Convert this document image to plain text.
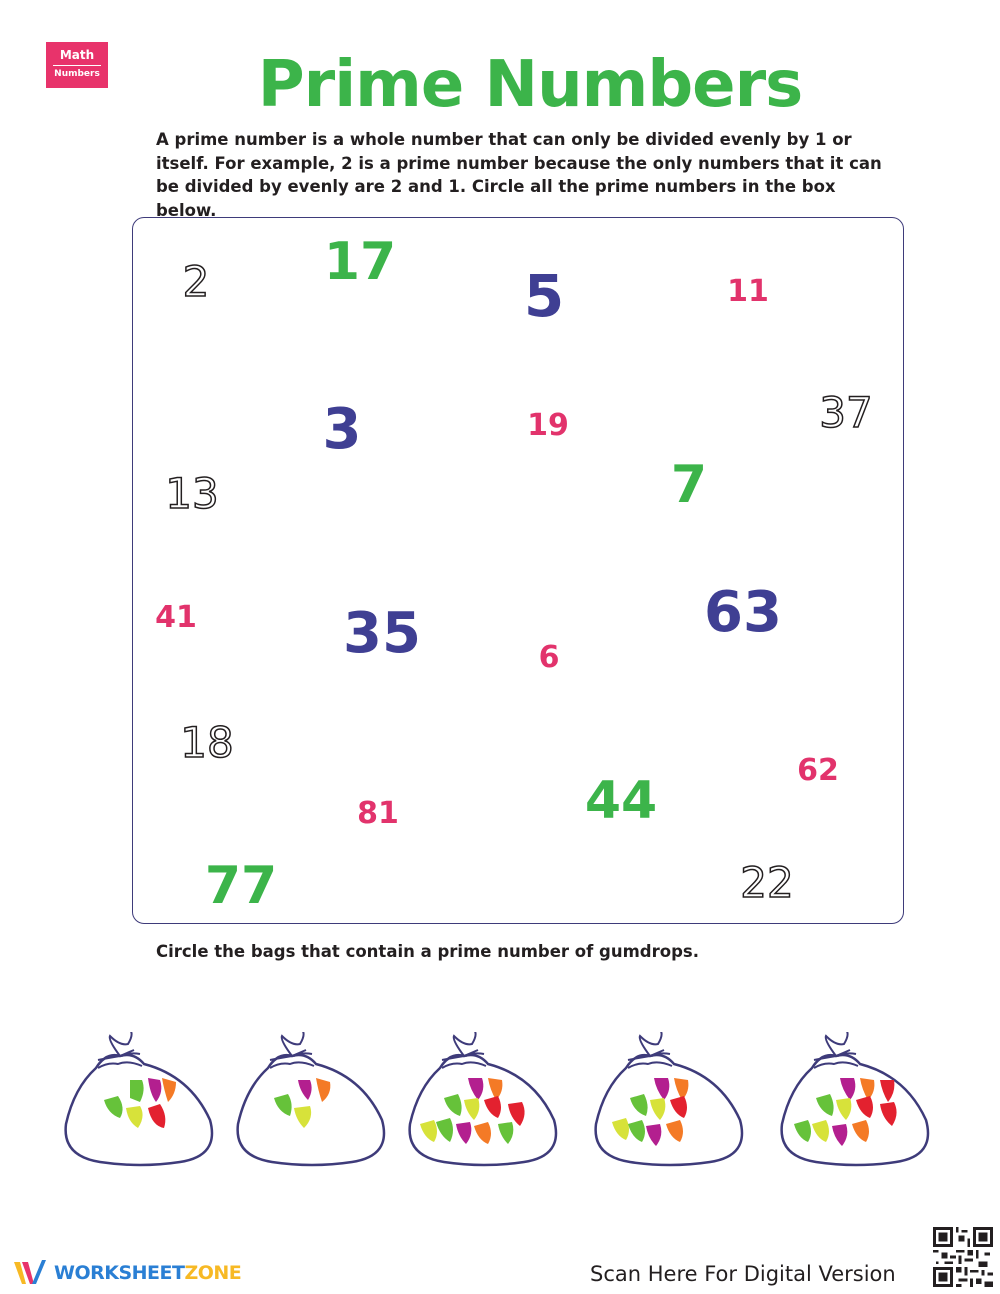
Math
Numbers	Prime Numbers

A prime number is a whole number that can only be divided evenly by 1 or itself. For example, 2 is a prime number because the only numbers that it can be divided by evenly are 2 and 1. Circle all the prime numbers in the box below.

2 17 5	11
3	19	37
13	7
41	35	6
63
18
62
81	44
77	22

Circle the bags that contain a prime number of gumdrops.

WORKSHEETZONE	Scan Here For Digital Version
